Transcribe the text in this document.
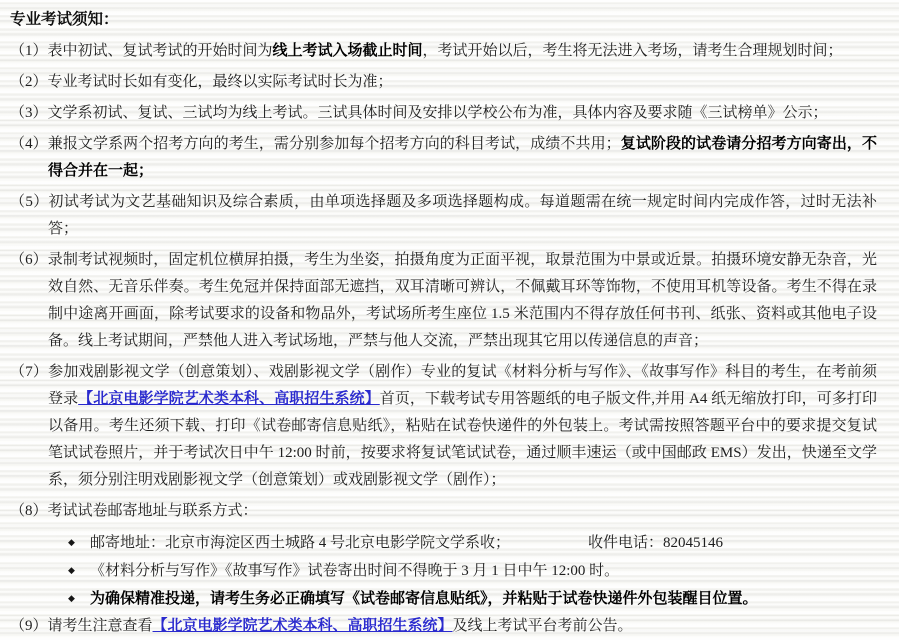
专业考试须知：

（1）表中初试、复试考试的开始时间为线上考试入场截止时间，考试开始以后，考生将无法进入考场，请考生合理规划时间；

（2）专业考试时长如有变化，最终以实际考试时长为准；

（3）文学系初试、复试、三试均为线上考试。三试具体时间及安排以学校公布为准，具体内容及要求随《三试榜单》公示；

（4）兼报文学系两个招考方向的考生，需分别参加每个招考方向的科目考试，成绩不共用；复试阶段的试卷请分招考方向寄出，不得合并在一起；

（5）初试考试为文艺基础知识及综合素质，由单项选择题及多项选择题构成。每道题需在统一规定时间内完成作答，过时无法补答；

（6）录制考试视频时，固定机位横屏拍摄，考生为坐姿，拍摄角度为正面平视，取景范围为中景或近景。拍摄环境安静无杂音，光效自然、无音乐伴奏。考生免冠并保持面部无遮挡，双耳清晰可辨认，不佩戴耳环等饰物，不使用耳机等设备。考生不得在录制中途离开画面，除考试要求的设备和物品外，考试场所考生座位 1.5 米范围内不得存放任何书刊、纸张、资料或其他电子设备。线上考试期间，严禁他人进入考试场地，严禁与他人交流，严禁出现其它用以传递信息的声音；

（7）参加戏剧影视文学（创意策划）、戏剧影视文学（剧作）专业的复试《材料分析与写作》、《故事写作》科目的考生，在考前须登录【北京电影学院艺术类本科、高职招生系统】首页，下载考试专用答题纸的电子版文件,并用 A4 纸无缩放打印，可多打印以备用。考生还须下载、打印《试卷邮寄信息贴纸》，粘贴在试卷快递件的外包装上。考试需按照答题平台中的要求提交复试笔试试卷照片，并于考试次日中午 12:00 时前，按要求将复试笔试试卷，通过顺丰速运（或中国邮政 EMS）发出，快递至文学系，须分别注明戏剧影视文学（创意策划）或戏剧影视文学（剧作）；

（8）考试试卷邮寄地址与联系方式：

◆ 邮寄地址：北京市海淀区西土城路 4 号北京电影学院文学系收；	收件电话：82045146

◆ 《材料分析与写作》《故事写作》试卷寄出时间不得晚于 3 月 1 日中午 12:00 时。

◆ 为确保精准投递，请考生务必正确填写《试卷邮寄信息贴纸》，并粘贴于试卷快递件外包装醒目位置。

（9）请考生注意查看【北京电影学院艺术类本科、高职招生系统】及线上考试平台考前公告。
